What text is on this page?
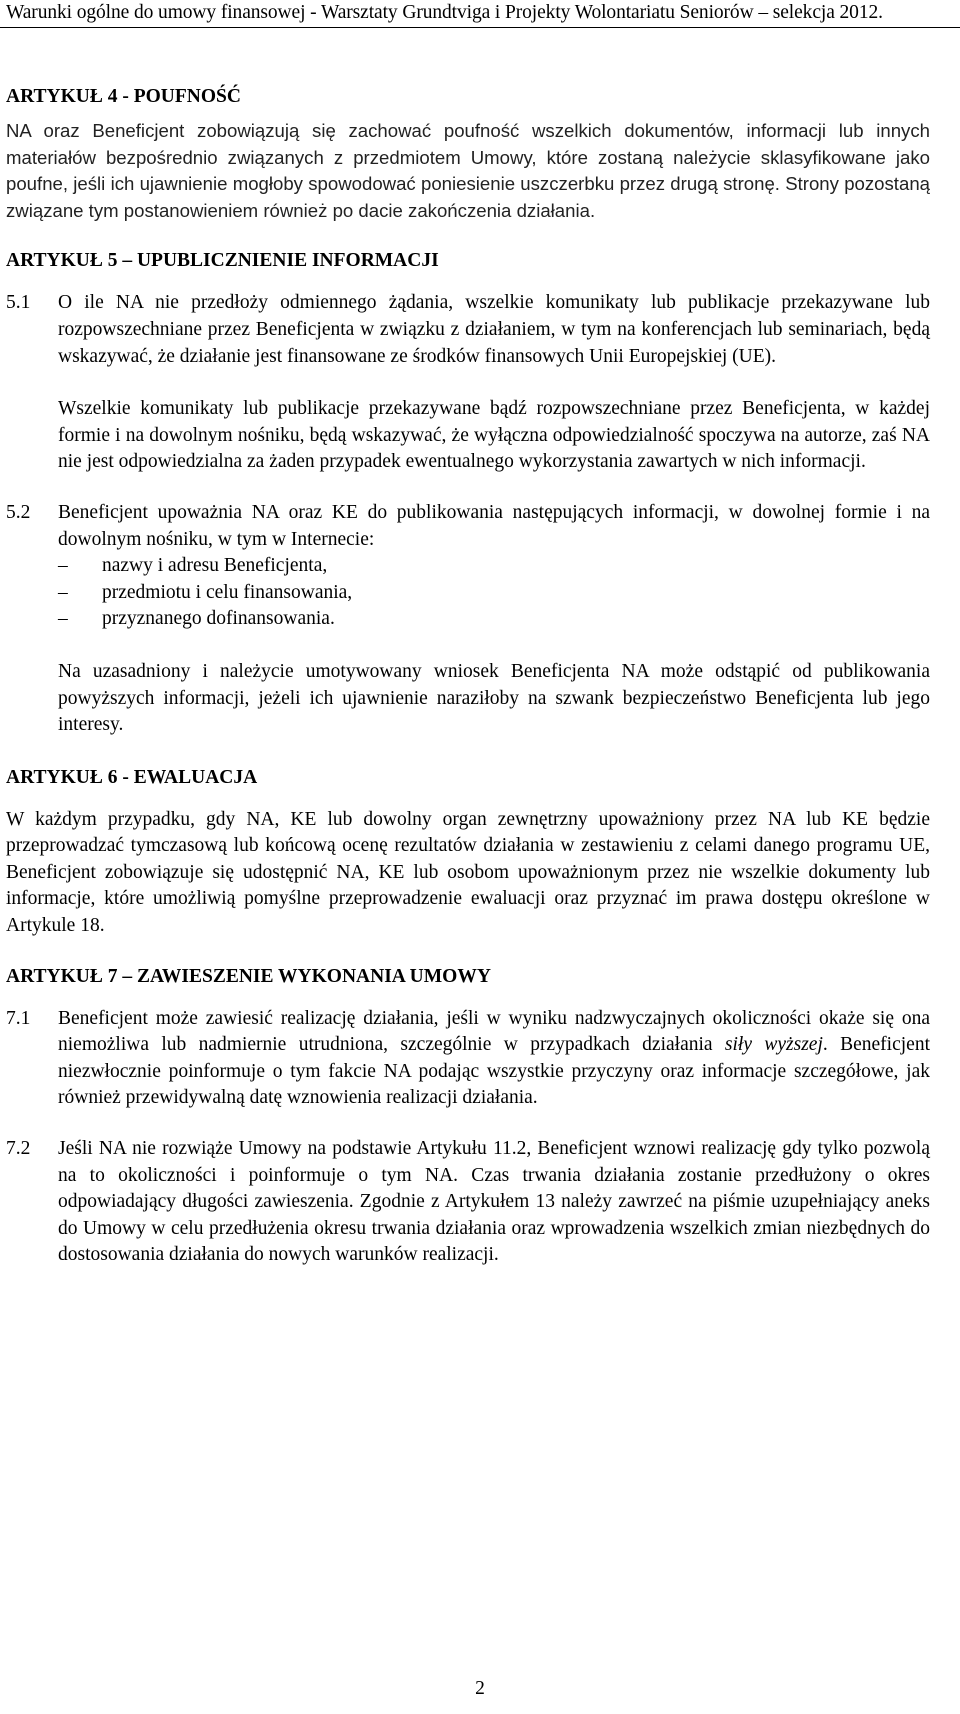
Warunki ogólne do umowy finansowej - Warsztaty Grundtviga i Projekty Wolontariatu Seniorów – selekcja 2012.
ARTYKUŁ 4 - POUFNOŚĆ

NA oraz Beneficjent zobowiązują się zachować poufność wszelkich dokumentów, informacji lub innych materiałów bezpośrednio związanych z przedmiotem Umowy, które zostaną należycie sklasyfikowane jako poufne, jeśli ich ujawnienie mogłoby spowodować poniesienie uszczerbku przez drugą stronę. Strony pozostaną związane tym postanowieniem również po dacie zakończenia działania.

ARTYKUŁ 5 – UPUBLICZNIENIE INFORMACJI
5.1	O ile NA nie przedłoży odmiennego żądania, wszelkie komunikaty lub publikacje przekazywane lub rozpowszechniane przez Beneficjenta w związku z działaniem, w tym na konferencjach lub seminariach, będą wskazywać, że działanie jest finansowane ze środków finansowych Unii Europejskiej (UE).

Wszelkie komunikaty lub publikacje przekazywane bądź rozpowszechniane przez Beneficjenta, w każdej formie i na dowolnym nośniku, będą wskazywać, że wyłączna odpowiedzialność spoczywa na autorze, zaś NA nie jest odpowiedzialna za żaden przypadek ewentualnego wykorzystania zawartych w nich informacji.

5.2	Beneficjent upoważnia NA oraz KE do publikowania następujących informacji, w dowolnej formie i na dowolnym nośniku, w tym w Internecie:

– nazwy i adresu Beneficjenta,
– przedmiotu i celu finansowania,
– przyznanego dofinansowania.

Na uzasadniony i należycie umotywowany wniosek Beneficjenta NA może odstąpić od publikowania powyższych informacji, jeżeli ich ujawnienie naraziłoby na szwank bezpieczeństwo Beneficjenta lub jego interesy.

ARTYKUŁ 6 - EWALUACJA

W każdym przypadku, gdy NA, KE lub dowolny organ zewnętrzny upoważniony przez NA lub KE będzie przeprowadzać tymczasową lub końcową ocenę rezultatów działania w zestawieniu z celami danego programu UE, Beneficjent zobowiązuje się udostępnić NA, KE lub osobom upoważnionym przez nie wszelkie dokumenty lub informacje, które umożliwią pomyślne przeprowadzenie ewaluacji oraz przyznać im prawa dostępu określone w Artykule 18.

ARTYKUŁ 7 – ZAWIESZENIE WYKONANIA UMOWY
7.1	Beneficjent może zawiesić realizację działania, jeśli w wyniku nadzwyczajnych okoliczności okaże się ona niemożliwa lub nadmiernie utrudniona, szczególnie w przypadkach działania siły wyższej. Beneficjent niezwłocznie poinformuje o tym fakcie NA podając wszystkie przyczyny oraz informacje szczegółowe, jak również przewidywalną datę wznowienia realizacji działania.

7.2	Jeśli NA nie rozwiąże Umowy na podstawie Artykułu 11.2, Beneficjent wznowi realizację gdy tylko pozwolą na to okoliczności i poinformuje o tym NA. Czas trwania działania zostanie przedłużony o okres odpowiadający długości zawieszenia. Zgodnie z Artykułem 13 należy zawrzeć na piśmie uzupełniający aneks do Umowy w celu przedłużenia okresu trwania działania oraz wprowadzenia wszelkich zmian niezbędnych do dostosowania działania do nowych warunków realizacji.

2
